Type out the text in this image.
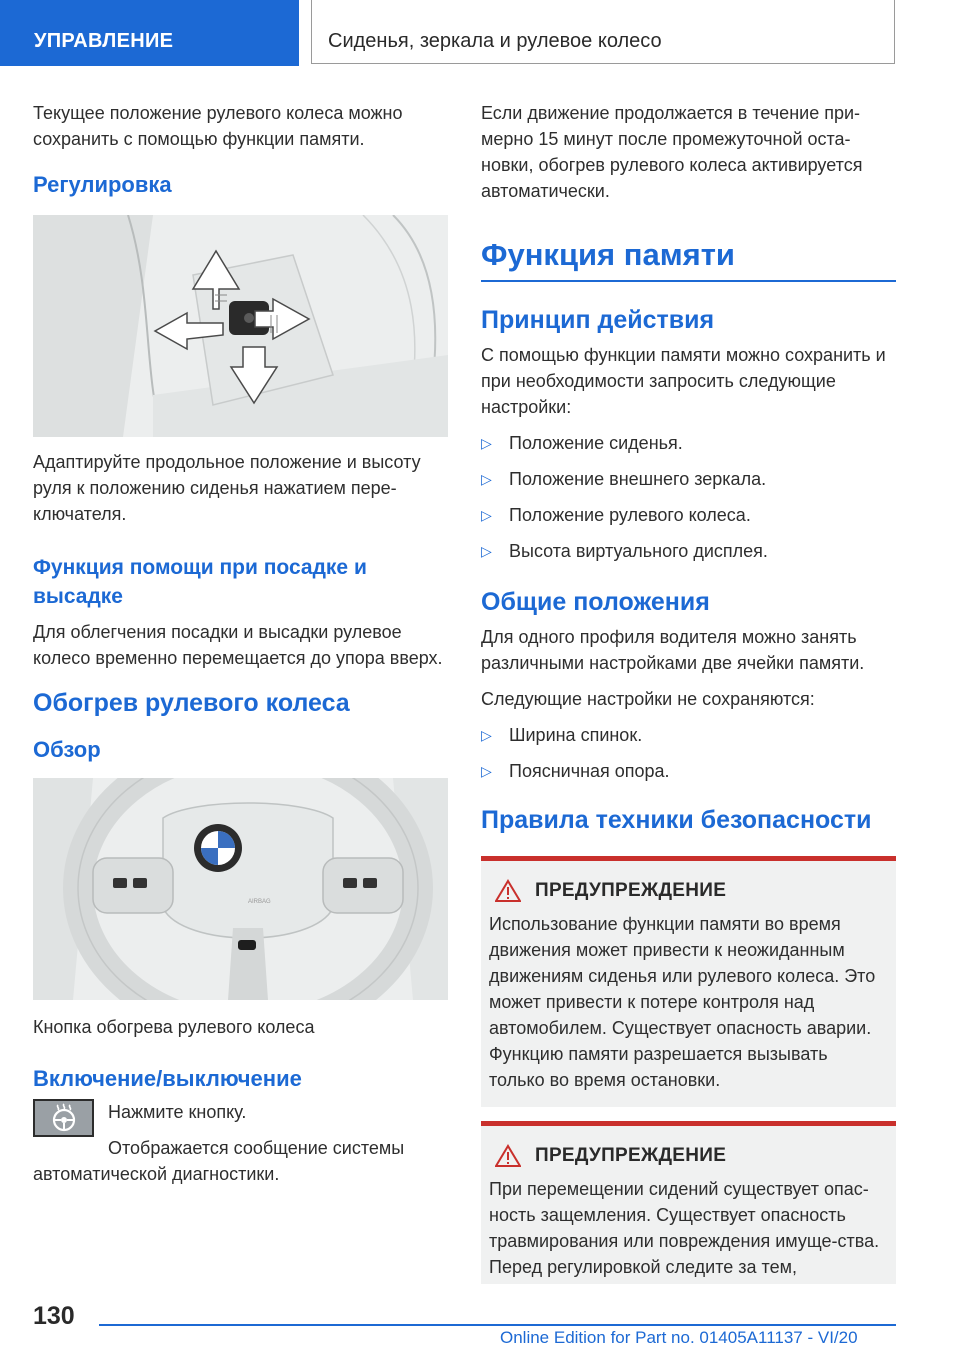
УПРАВЛЕНИЕ	Сиденья, зеркала и рулевое колесо

Текущее положение рулевого колеса можно сохранить с помощью функции памяти.

Регулировка

Адаптируйте продольное положение и высоту руля к положению сиденья нажатием пере-ключателя.

Функция помощи при посадке и высадке

Для облегчения посадки и высадки рулевое колесо временно перемещается до упора вверх.

Обогрев рулевого колеса
Обзор
AIRBAG

Кнопка обогрева рулевого колеса

Включение/выключение

Нажмите кнопку.

Отображается сообщение системы автоматической диагностики.

Если движение продолжается в течение при-мерно 15 минут после промежуточной оста-новки, обогрев рулевого колеса активируется автоматически.

Функция памяти
Принцип действия

С помощью функции памяти можно сохранить и при необходимости запросить следующие настройки:

▷ Положение сиденья.
▷ Положение внешнего зеркала.
▷ Положение рулевого колеса.
▷ Высота виртуального дисплея.
Общие положения

Для одного профиля водителя можно занять различными настройками две ячейки памяти.

Следующие настройки не сохраняются:

▷ Ширина спинок.
▷ Поясничная опора.
Правила техники безопасности
ПРЕДУПРЕЖДЕНИЕ

Использование функции памяти во время движения может привести к неожиданным движениям сиденья или рулевого колеса. Это может привести к потере контроля над автомобилем. Существует опасность аварии. Функцию памяти разрешается вызывать только во время остановки.

ПРЕДУПРЕЖДЕНИЕ

При перемещении сидений существует опас-ность защемления. Существует опасность травмирования или повреждения имуще-ства. Перед регулировкой следите за тем,

130
Online Edition for Part no. 01405A11137 - VI/20
